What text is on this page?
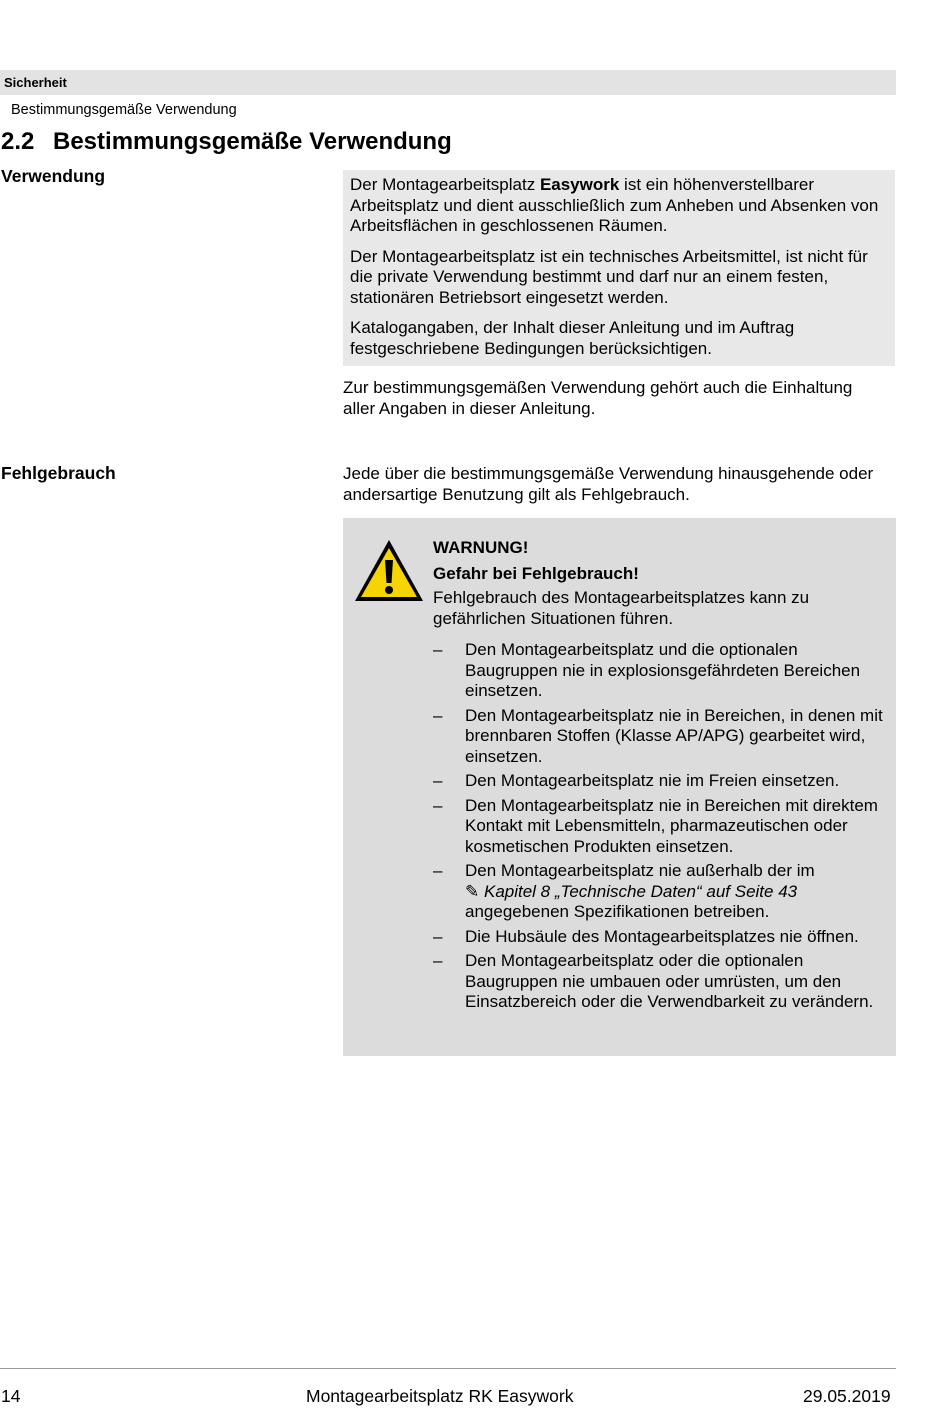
Sicherheit
Bestimmungsgemäße Verwendung
2.2 Bestimmungsgemäße Verwendung
Verwendung	Der Montagearbeitsplatz Easywork ist ein höhenverstellbarer Arbeitsplatz und dient ausschließlich zum Anheben und Absenken von Arbeitsflächen in geschlossenen Räumen.

Der Montagearbeitsplatz ist ein technisches Arbeitsmittel, ist nicht für die private Verwendung bestimmt und darf nur an einem festen, stationären Betriebsort eingesetzt werden.

Katalogangaben, der Inhalt dieser Anleitung und im Auftrag festgeschriebene Bedingungen berücksichtigen.

Zur bestimmungsgemäßen Verwendung gehört auch die Einhaltung aller Angaben in dieser Anleitung.

Fehlgebrauch	Jede über die bestimmungsgemäße Verwendung hinausgehende oder andersartige Benutzung gilt als Fehlgebrauch.

WARNUNG!

Gefahr bei Fehlgebrauch!

Fehlgebrauch des Montagearbeitsplatzes kann zu gefährlichen Situationen führen.

– Den Montagearbeitsplatz und die optionalen Baugruppen nie in explosionsgefährdeten Bereichen einsetzen.
– Den Montagearbeitsplatz nie in Bereichen, in denen mit brennbaren Stoffen (Klasse AP/APG) gearbeitet wird, einsetzen.
– Den Montagearbeitsplatz nie im Freien einsetzen.
– Den Montagearbeitsplatz nie in Bereichen mit direktem Kontakt mit Lebensmitteln, pharmazeutischen oder kosmetischen Produkten einsetzen.
– Den Montagearbeitsplatz nie außerhalb der im
✎ Kapitel 8 „Technische Daten“ auf Seite 43
angegebenen Spezifikationen betreiben.
– Die Hubsäule des Montagearbeitsplatzes nie öffnen.
– Den Montagearbeitsplatz oder die optionalen Baugruppen nie umbauen oder umrüsten, um den Einsatzbereich oder die Verwendbarkeit zu verändern.
14	Montagearbeitsplatz RK Easywork	29.05.2019
